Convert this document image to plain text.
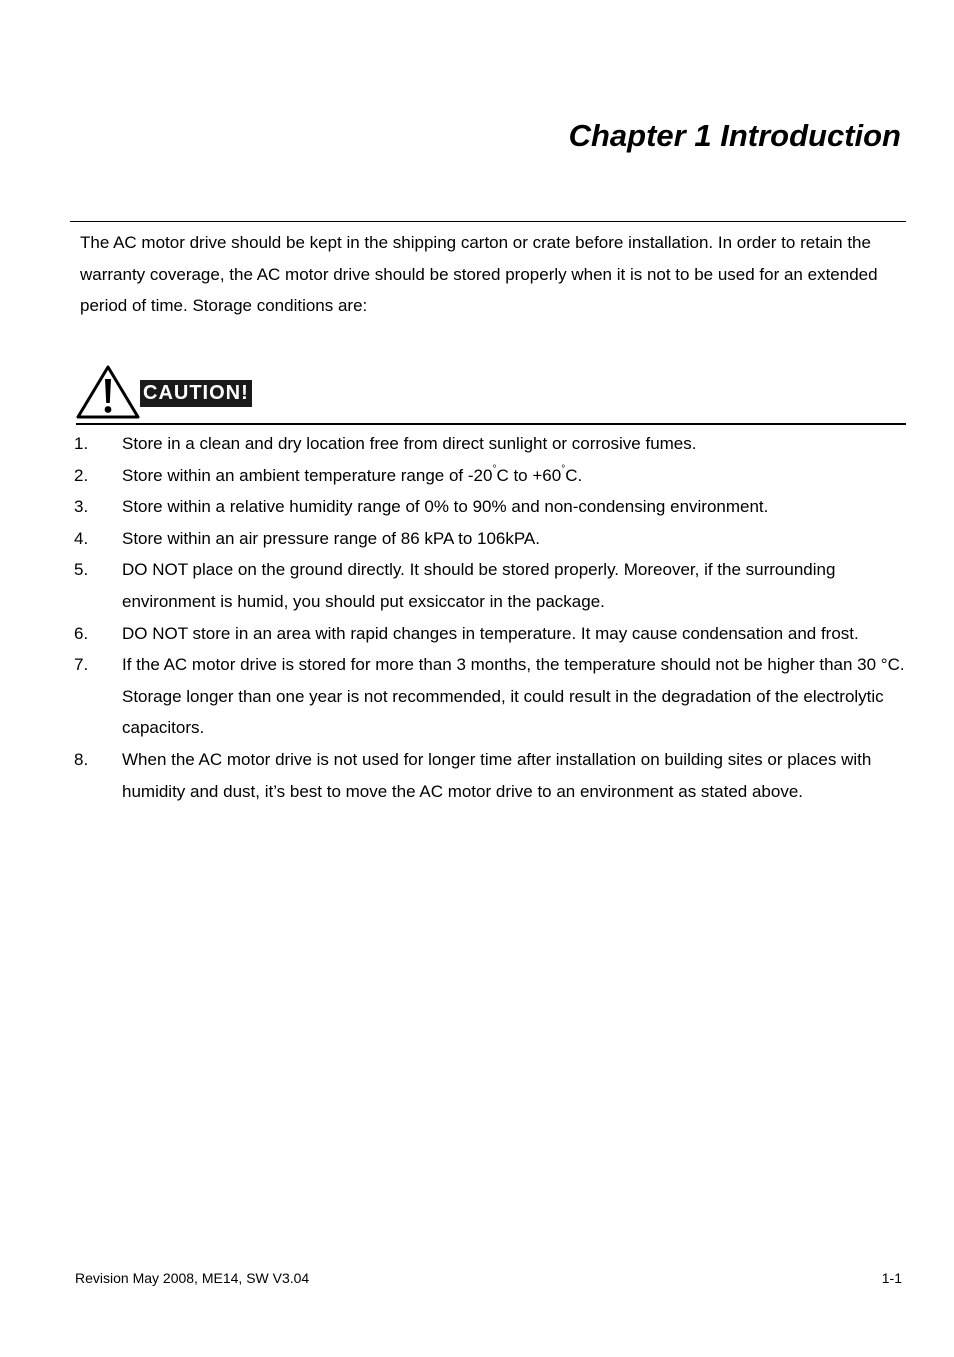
Chapter 1 Introduction

The AC motor drive should be kept in the shipping carton or crate before installation. In order to retain the warranty coverage, the AC motor drive should be stored properly when it is not to be used for an extended period of time. Storage conditions are:

CAUTION!
1. Store in a clean and dry location free from direct sunlight or corrosive fumes.
2. Store within an ambient temperature range of -20°C to +60°C.
3. Store within a relative humidity range of 0% to 90% and non-condensing environment.
4. Store within an air pressure range of 86 kPA to 106kPA.
5. DO NOT place on the ground directly. It should be stored properly. Moreover, if the surrounding environment is humid, you should put exsiccator in the package.
6. DO NOT store in an area with rapid changes in temperature. It may cause condensation and frost.
7. If the AC motor drive is stored for more than 3 months, the temperature should not be higher than 30 °C. Storage longer than one year is not recommended, it could result in the degradation of the electrolytic capacitors.
8. When the AC motor drive is not used for longer time after installation on building sites or places with humidity and dust, it’s best to move the AC motor drive to an environment as stated above.
Revision May 2008, ME14, SW V3.04	1-1
